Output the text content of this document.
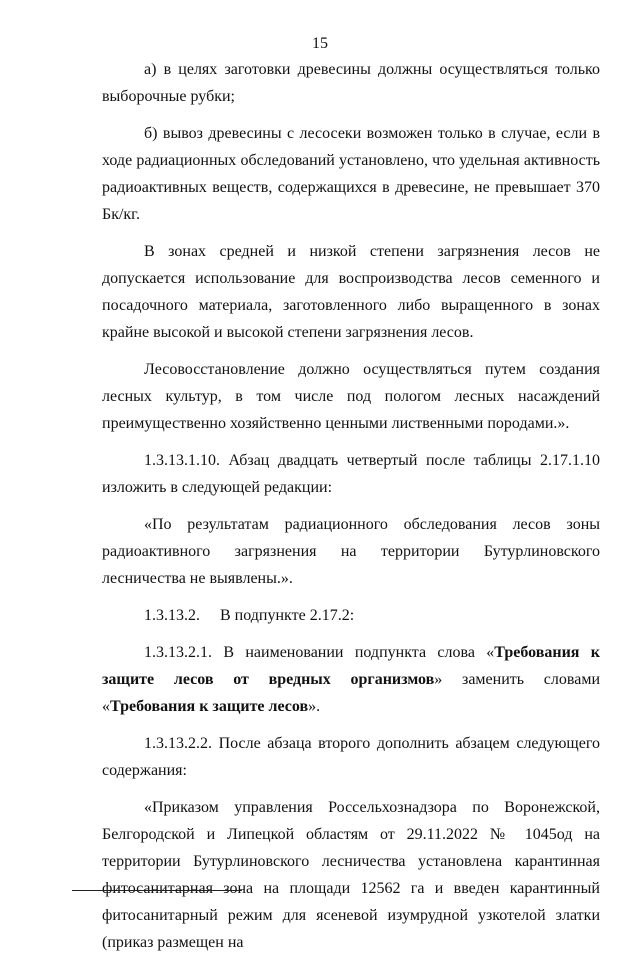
15

а) в целях заготовки древесины должны осуществляться только выборочные рубки;

б) вывоз древесины с лесосеки возможен только в случае, если в ходе радиационных обследований установлено, что удельная активность радиоактивных веществ, содержащихся в древесине, не превышает 370 Бк/кг.

В зонах средней и низкой степени загрязнения лесов не допускается использование для воспроизводства лесов семенного и посадочного материала, заготовленного либо выращенного в зонах крайне высокой и высокой степени загрязнения лесов.

Лесовосстановление должно осуществляться путем создания лесных культур, в том числе под пологом лесных насаждений преимущественно хозяйственно ценными лиственными породами.».

1.3.13.1.10. Абзац двадцать четвертый после таблицы 2.17.1.10 изложить в следующей редакции:

«По результатам радиационного обследования лесов зоны радиоактивного загрязнения на территории Бутурлиновского лесничества не выявлены.».

1.3.13.2.     В подпункте 2.17.2:

1.3.13.2.1. В наименовании подпункта слова «Требования к защите лесов от вредных организмов» заменить словами «Требования к защите лесов».

1.3.13.2.2. После абзаца второго дополнить абзацем следующего содержания:

«Приказом управления Россельхознадзора по Воронежской, Белгородской и Липецкой областям от 29.11.2022 № 1045од на территории Бутурлиновского лесничества установлена карантинная фитосанитарная зона на площади 12562 га и введен карантинный фитосанитарный режим для ясеневой изумрудной узкотелой златки (приказ размещен на
